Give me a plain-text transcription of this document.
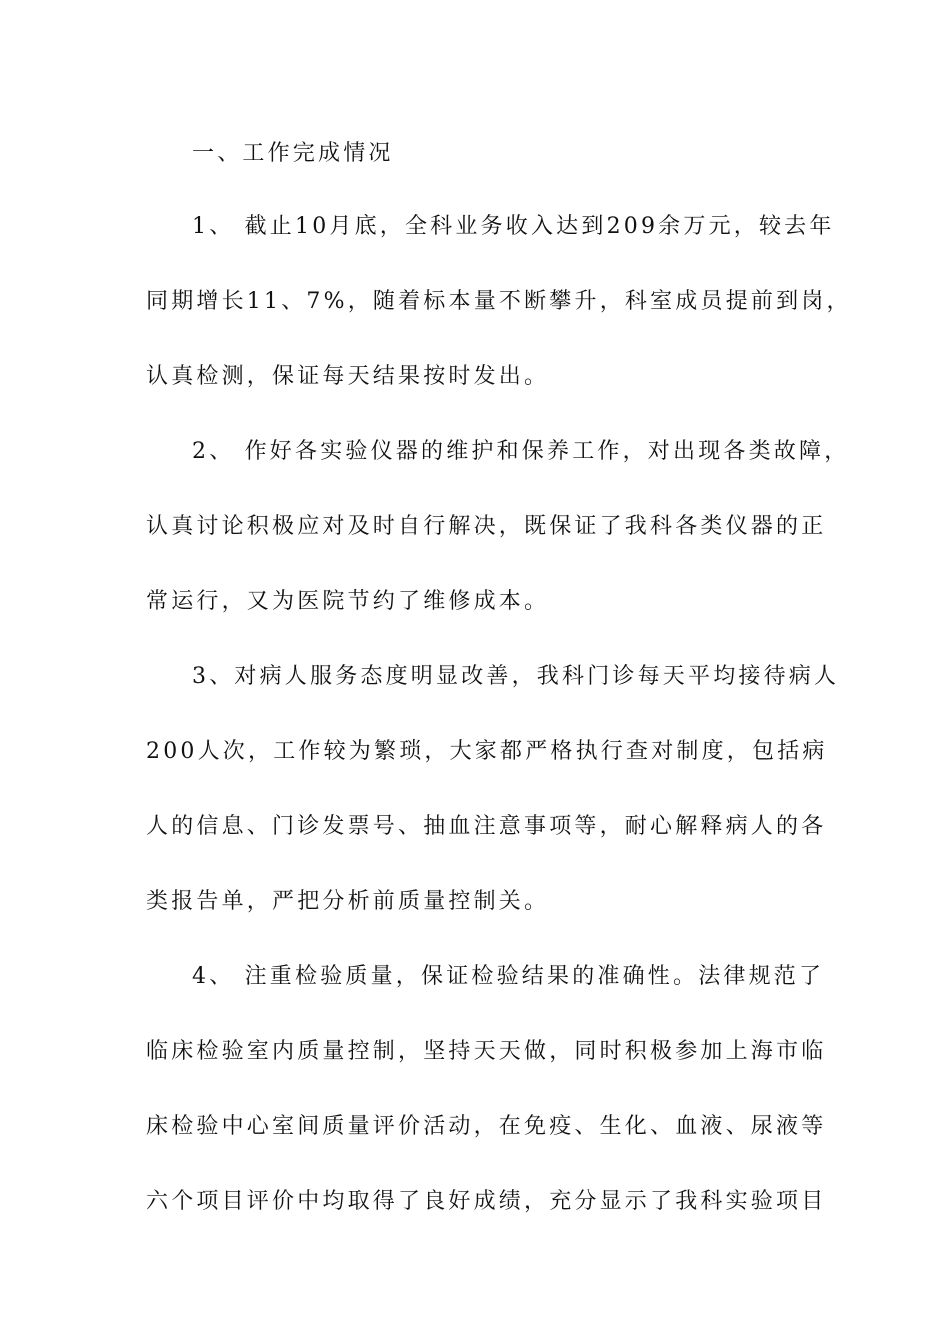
一、工作完成情况
1、 截止10月底，全科业务收入达到209余万元，较去年
同期增长11、7%，随着标本量不断攀升，科室成员提前到岗，
认真检测，保证每天结果按时发出。
2、 作好各实验仪器的维护和保养工作，对出现各类故障，
认真讨论积极应对及时自行解决，既保证了我科各类仪器的正
常运行，又为医院节约了维修成本。
3、对病人服务态度明显改善，我科门诊每天平均接待病人
200人次，工作较为繁琐，大家都严格执行查对制度，包括病
人的信息、门诊发票号、抽血注意事项等，耐心解释病人的各
类报告单，严把分析前质量控制关。
4、 注重检验质量，保证检验结果的准确性。法律规范了
临床检验室内质量控制，坚持天天做，同时积极参加上海市临
床检验中心室间质量评价活动，在免疫、生化、血液、尿液等
六个项目评价中均取得了良好成绩，充分显示了我科实验项目
